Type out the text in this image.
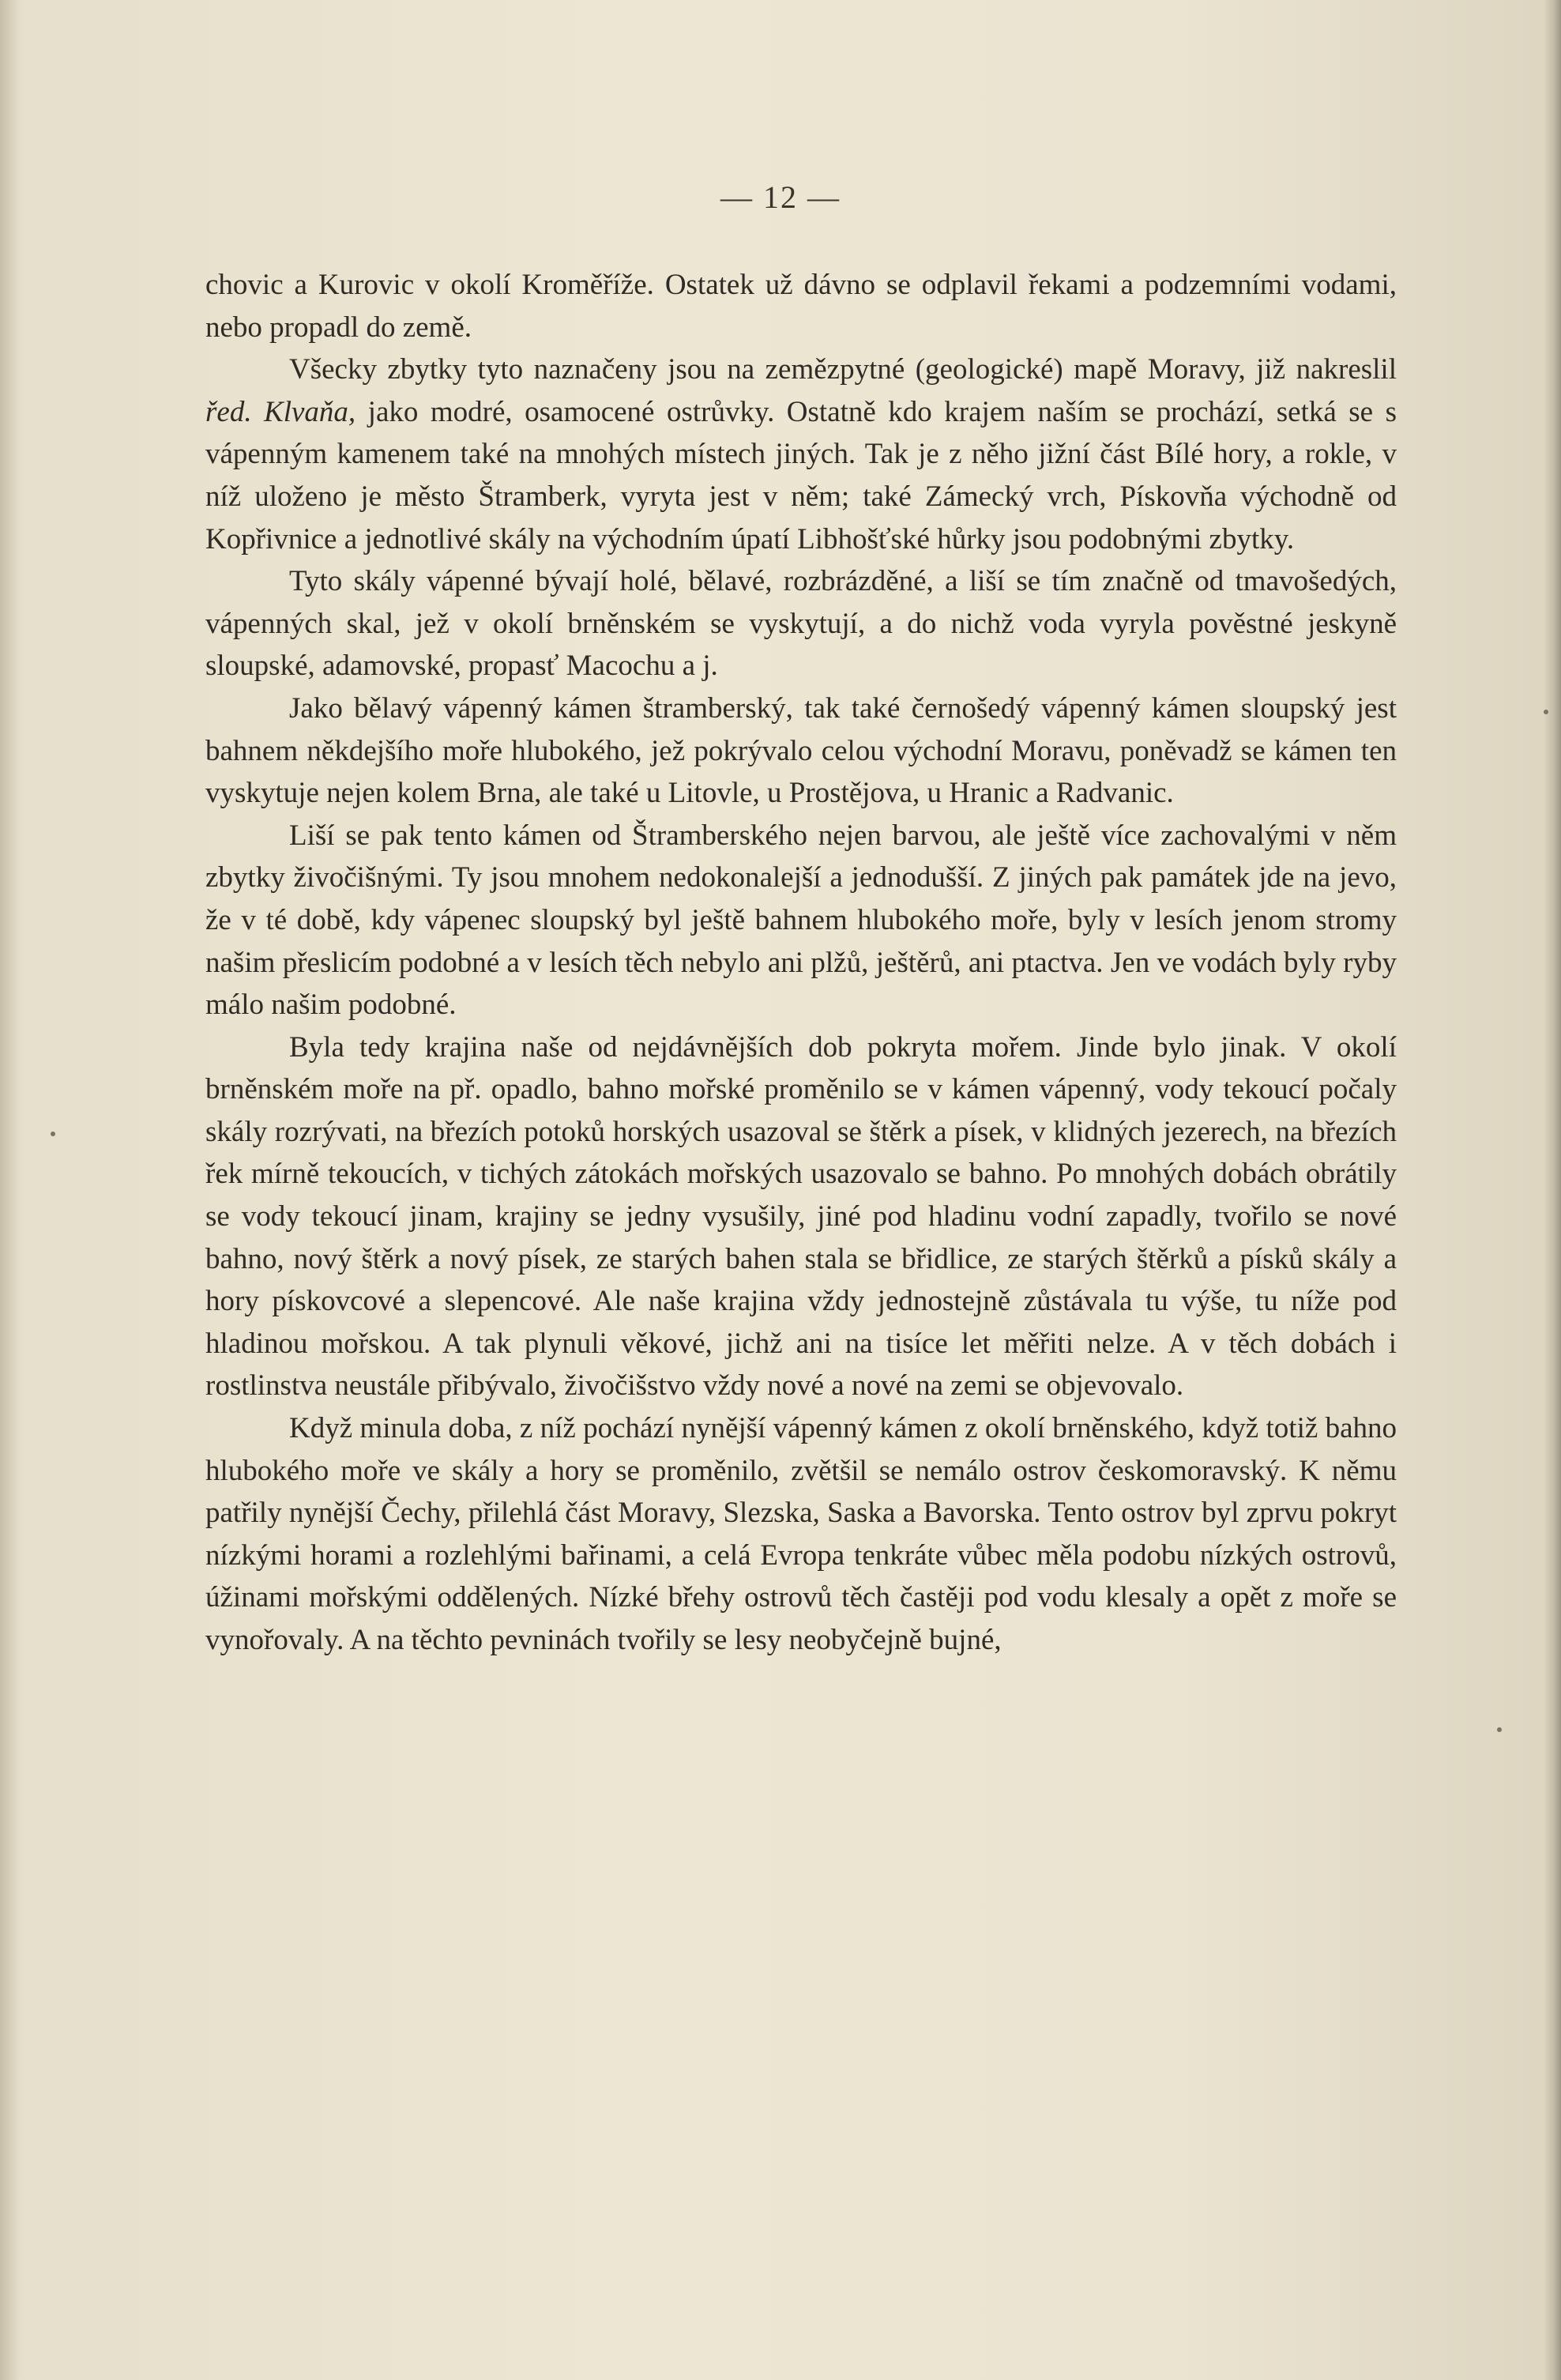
— 12 —

chovic a Kurovic v okolí Kroměříže. Ostatek už dávno se odplavil řekami a podzemními vodami, nebo propadl do země.

Všecky zbytky tyto naznačeny jsou na zemězpytné (geologické) mapě Moravy, již nakreslil řed. Klvaňa, jako modré, osamocené ostrůvky. Ostatně kdo krajem naším se prochází, setká se s vápenným kamenem také na mnohých místech jiných. Tak je z něho jižní část Bílé hory, a rokle, v níž uloženo je město Štramberk, vyryta jest v něm; také Zámecký vrch, Pískovňa východně od Kopřivnice a jednotlivé skály na východním úpatí Libhošťské hůrky jsou podobnými zbytky.

Tyto skály vápenné bývají holé, bělavé, rozbrázděné, a liší se tím značně od tmavošedých, vápenných skal, jež v okolí brněnském se vyskytují, a do nichž voda vyryla pověstné jeskyně sloupské, adamovské, propasť Macochu a j.

Jako bělavý vápenný kámen štramberský, tak také černošedý vápenný kámen sloupský jest bahnem někdejšího moře hlubokého, jež pokrývalo celou východní Moravu, poněvadž se kámen ten vyskytuje nejen kolem Brna, ale také u Litovle, u Prostějova, u Hranic a Radvanic.

Liší se pak tento kámen od Štramberského nejen barvou, ale ještě více zachovalými v něm zbytky živočišnými. Ty jsou mnohem nedokonalejší a jednodušší. Z jiných pak památek jde na jevo, že v té době, kdy vápenec sloupský byl ještě bahnem hlubokého moře, byly v lesích jenom stromy našim přeslicím podobné a v lesích těch nebylo ani plžů, ještěrů, ani ptactva. Jen ve vodách byly ryby málo našim podobné.

Byla tedy krajina naše od nejdávnějších dob pokryta mořem. Jinde bylo jinak. V okolí brněnském moře na př. opadlo, bahno mořské proměnilo se v kámen vápenný, vody tekoucí počaly skály rozrývati, na březích potoků horských usazoval se štěrk a písek, v klidných jezerech, na březích řek mírně tekoucích, v tichých zátokách mořských usazovalo se bahno. Po mnohých dobách obrátily se vody tekoucí jinam, krajiny se jedny vysušily, jiné pod hladinu vodní zapadly, tvořilo se nové bahno, nový štěrk a nový písek, ze starých bahen stala se břidlice, ze starých štěrků a písků skály a hory pískovcové a slepencové. Ale naše krajina vždy jednostejně zůstávala tu výše, tu níže pod hladinou mořskou. A tak plynuli věkové, jichž ani na tisíce let měřiti nelze. A v těch dobách i rostlinstva neustále přibývalo, živočišstvo vždy nové a nové na zemi se objevovalo.

Když minula doba, z níž pochází nynější vápenný kámen z okolí brněnského, když totiž bahno hlubokého moře ve skály a hory se proměnilo, zvětšil se nemálo ostrov českomoravský. K němu patřily nynější Čechy, přilehlá část Moravy, Slezska, Saska a Bavorska. Tento ostrov byl zprvu pokryt nízkými horami a rozlehlými bařinami, a celá Evropa tenkráte vůbec měla podobu nízkých ostrovů, úžinami mořskými oddělených. Nízké břehy ostrovů těch častěji pod vodu klesaly a opět z moře se vynořovaly. A na těchto pevninách tvořily se lesy neobyčejně bujné,
